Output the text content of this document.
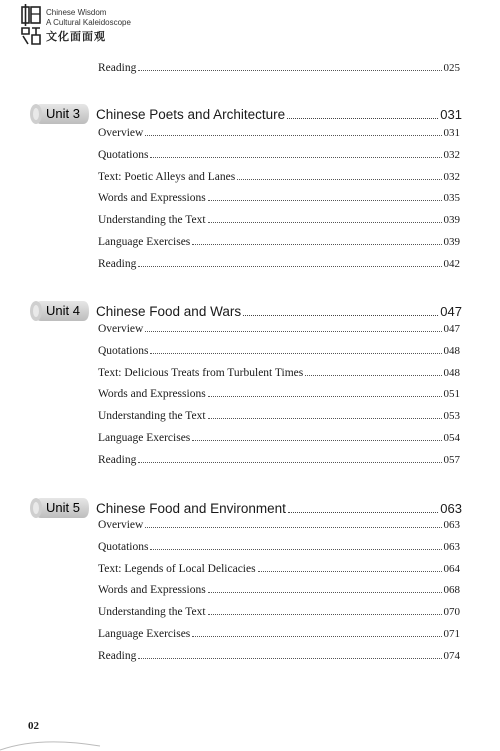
Chinese Wisdom
A Cultural Kaleidoscope
文化面面观
Reading	025
Unit 3	Chinese Poets and Architecture	031
Overview	031
Quotations	032
Text: Poetic Alleys and Lanes	032
Words and Expressions	035
Understanding the Text	039
Language Exercises	039
Reading	042
Unit 4	Chinese Food and Wars	047
Overview	047
Quotations	048
Text: Delicious Treats from Turbulent Times	048
Words and Expressions	051
Understanding the Text	053
Language Exercises	054
Reading	057
Unit 5	Chinese Food and Environment	063
Overview	063
Quotations	063
Text: Legends of Local Delicacies	064
Words and Expressions	068
Understanding the Text	070
Language Exercises	071
Reading	074
02
